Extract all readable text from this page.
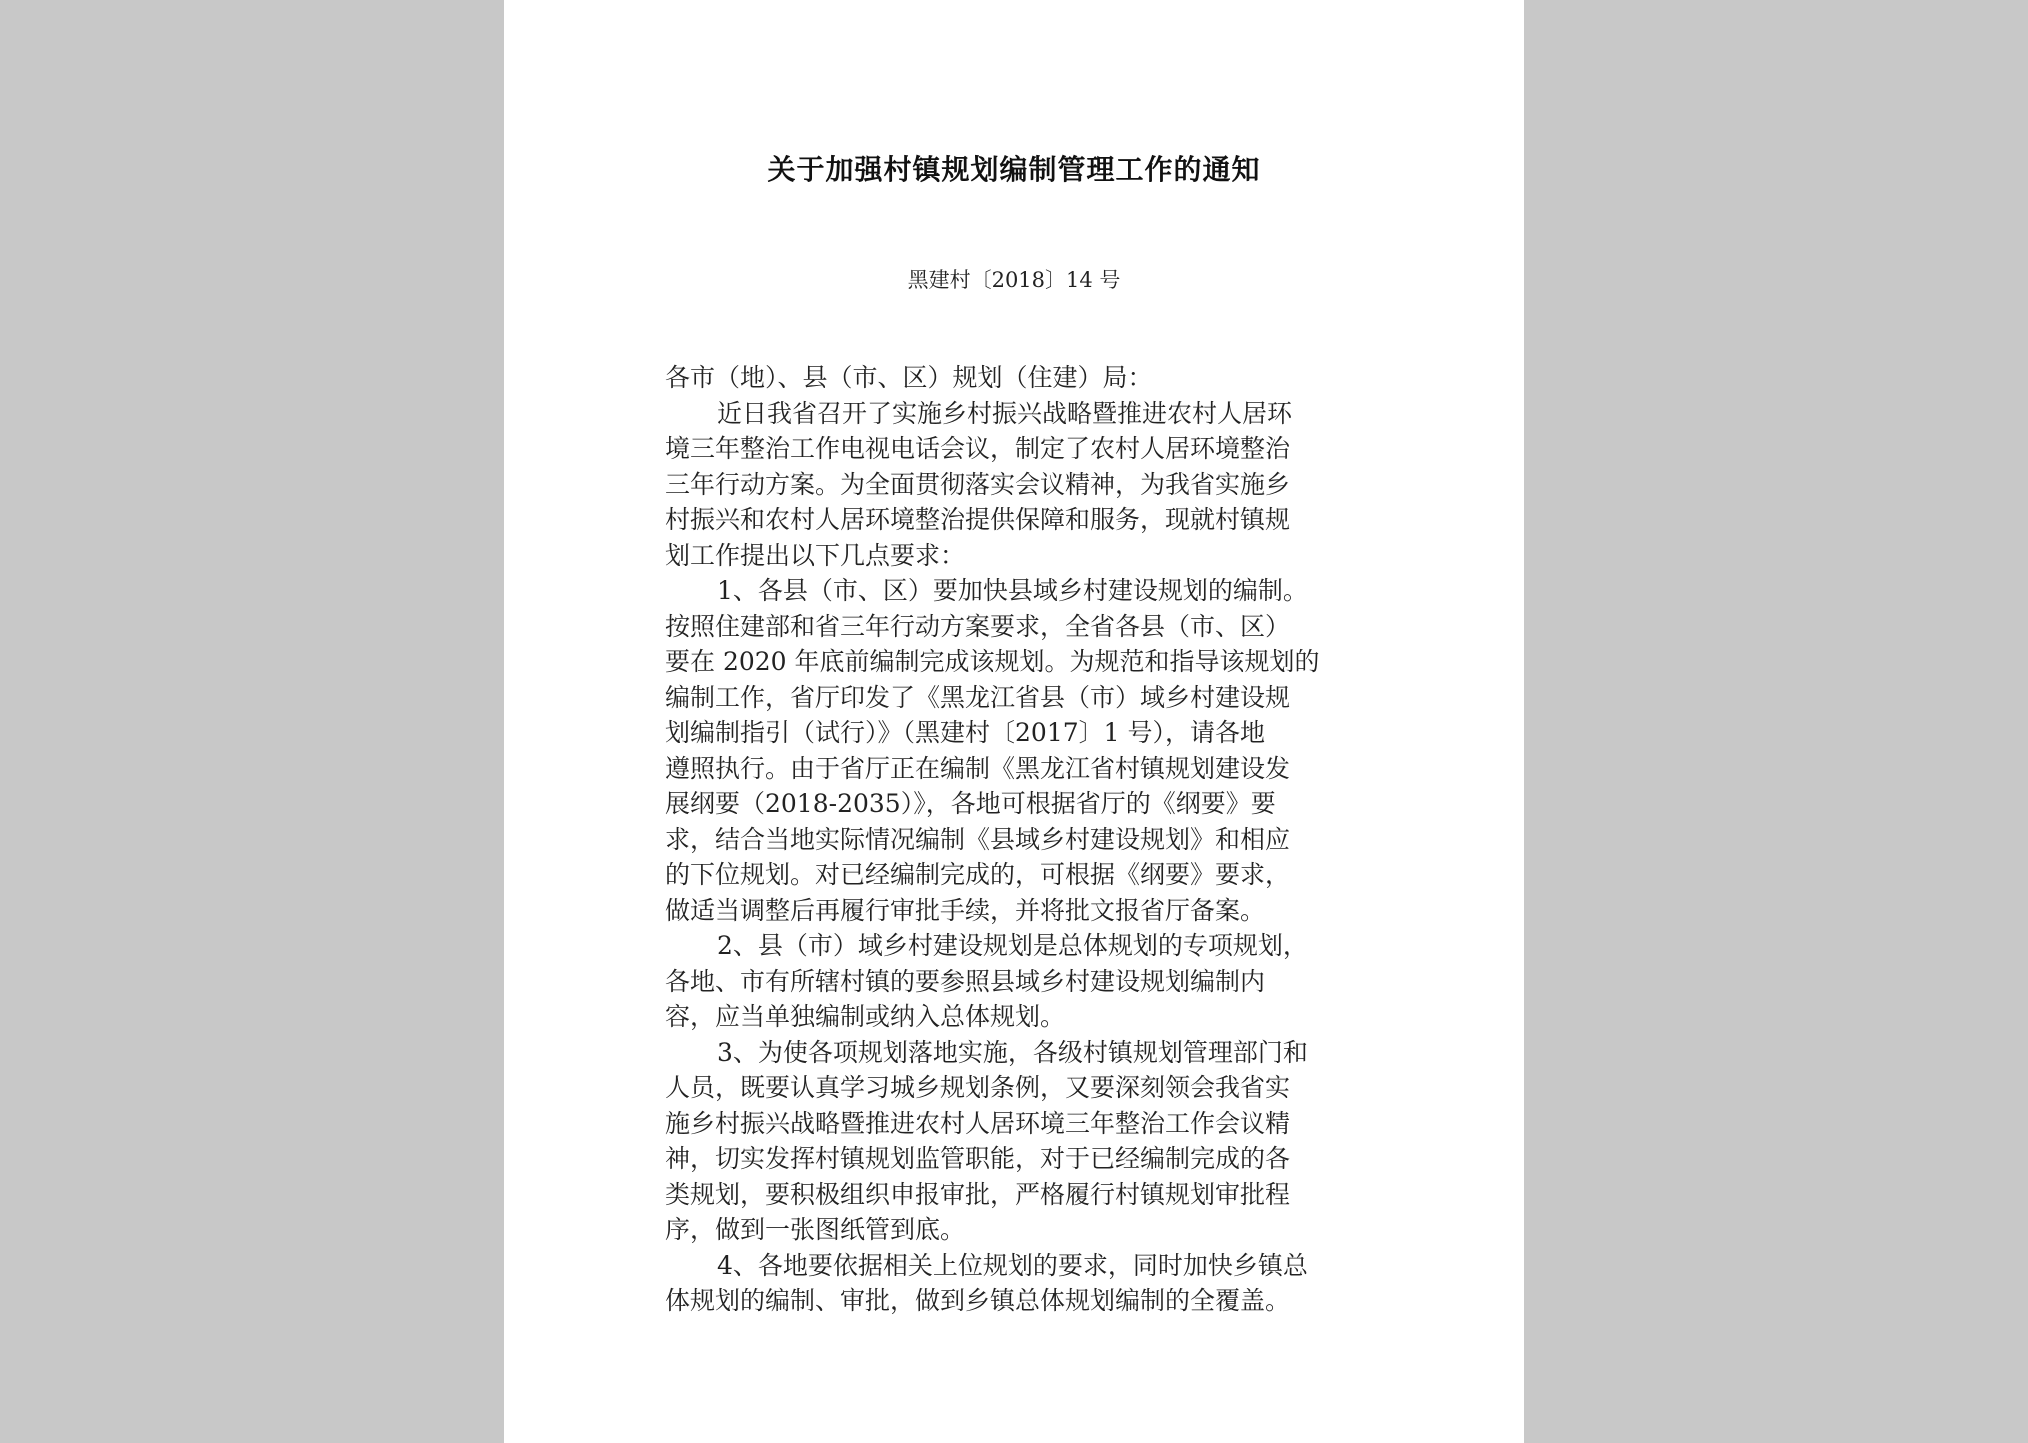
关于加强村镇规划编制管理工作的通知
黑建村〔2018〕14 号
各市（地）、县（市、区）规划（住建）局：
近日我省召开了实施乡村振兴战略暨推进农村人居环
境三年整治工作电视电话会议，制定了农村人居环境整治
三年行动方案。为全面贯彻落实会议精神，为我省实施乡
村振兴和农村人居环境整治提供保障和服务，现就村镇规
划工作提出以下几点要求：
1、各县（市、区）要加快县域乡村建设规划的编制。
按照住建部和省三年行动方案要求，全省各县（市、区）
要在 2020 年底前编制完成该规划。为规范和指导该规划的
编制工作，省厅印发了《黑龙江省县（市）域乡村建设规
划编制指引（试行）》（黑建村〔2017〕1 号），请各地
遵照执行。由于省厅正在编制《黑龙江省村镇规划建设发
展纲要（2018-2035）》，各地可根据省厅的《纲要》要
求，结合当地实际情况编制《县域乡村建设规划》和相应
的下位规划。对已经编制完成的，可根据《纲要》要求，
做适当调整后再履行审批手续，并将批文报省厅备案。
2、县（市）域乡村建设规划是总体规划的专项规划，
各地、市有所辖村镇的要参照县域乡村建设规划编制内
容，应当单独编制或纳入总体规划。
3、为使各项规划落地实施，各级村镇规划管理部门和
人员，既要认真学习城乡规划条例，又要深刻领会我省实
施乡村振兴战略暨推进农村人居环境三年整治工作会议精
神，切实发挥村镇规划监管职能，对于已经编制完成的各
类规划，要积极组织申报审批，严格履行村镇规划审批程
序，做到一张图纸管到底。
4、各地要依据相关上位规划的要求，同时加快乡镇总
体规划的编制、审批，做到乡镇总体规划编制的全覆盖。
